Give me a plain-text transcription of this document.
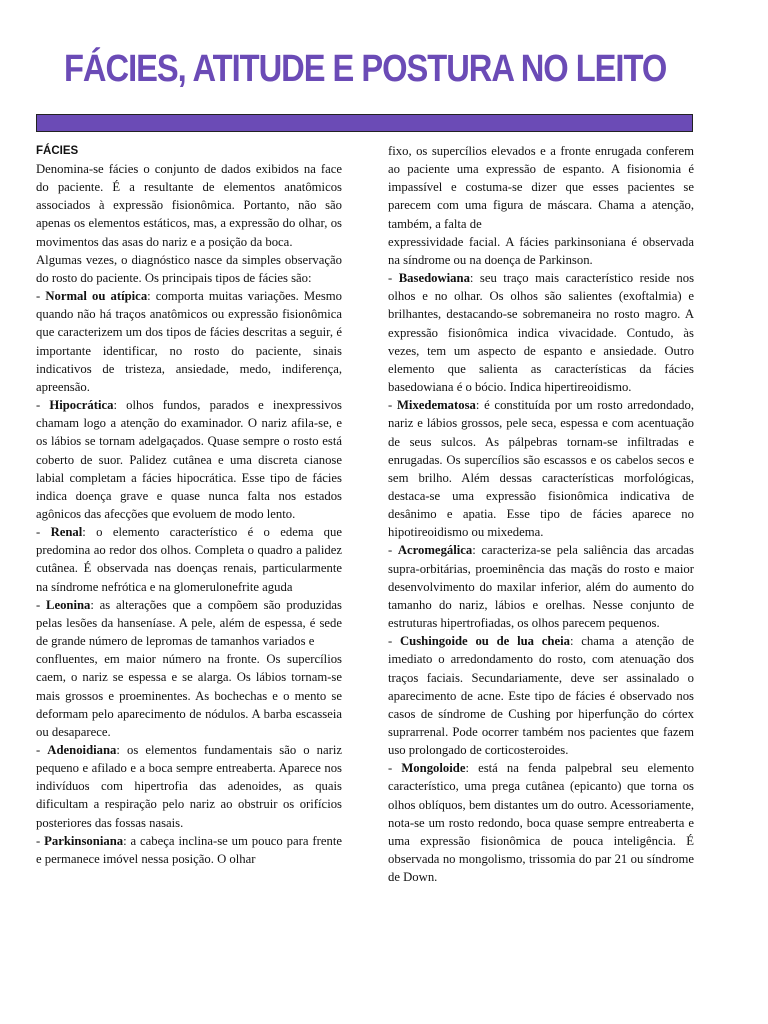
FÁCIES, ATITUDE E POSTURA NO LEITO

FÁCIES

Denomina-se fácies o conjunto de dados exibidos na face do paciente. É a resultante de elementos anatômicos associados à expressão fisionômica. Portanto, não são apenas os elementos estáticos, mas, a expressão do olhar, os movimentos das asas do nariz e a posição da boca.

Algumas vezes, o diagnóstico nasce da simples observação do rosto do paciente. Os principais tipos de fácies são:

- Normal ou atípica: comporta muitas variações. Mesmo quando não há traços anatômicos ou expressão fisionômica que caracterizem um dos tipos de fácies descritas a seguir, é importante identificar, no rosto do paciente, sinais indicativos de tristeza, ansiedade, medo, indiferença, apreensão.

- Hipocrática: olhos fundos, parados e inexpressivos chamam logo a atenção do examinador. O nariz afila-se, e os lábios se tornam adelgaçados. Quase sempre o rosto está coberto de suor. Palidez cutânea e uma discreta cianose labial completam a fácies hipocrática. Esse tipo de fácies indica doença grave e quase nunca falta nos estados agônicos das afecções que evoluem de modo lento.

- Renal: o elemento característico é o edema que predomina ao redor dos olhos. Completa o quadro a palidez cutânea. É observada nas doenças renais, particularmente na síndrome nefrótica e na glomerulonefrite aguda

- Leonina: as alterações que a compõem são produzidas pelas lesões da hanseníase. A pele, além de espessa, é sede de grande número de lepromas de tamanhos variados e

confluentes, em maior número na fronte. Os supercílios caem, o nariz se espessa e se alarga. Os lábios tornam-se mais grossos e proeminentes. As bochechas e o mento se deformam pelo aparecimento de nódulos. A barba escasseia ou desaparece.

- Adenoidiana: os elementos fundamentais são o nariz pequeno e afilado e a boca sempre entreaberta. Aparece nos indivíduos com hipertrofia das adenoides, as quais dificultam a respiração pelo nariz ao obstruir os orifícios posteriores das fossas nasais.

- Parkinsoniana: a cabeça inclina-se um pouco para frente e permanece imóvel nessa posição. O olhar

fixo, os supercílios elevados e a fronte enrugada conferem ao paciente uma expressão de espanto. A fisionomia é impassível e costuma-se dizer que esses pacientes se parecem com uma figura de máscara. Chama a atenção, também, a falta de

expressividade facial. A fácies parkinsoniana é observada na síndrome ou na doença de Parkinson.

- Basedowiana: seu traço mais característico reside nos olhos e no olhar. Os olhos são salientes (exoftalmia) e brilhantes, destacando-se sobremaneira no rosto magro. A expressão fisionômica indica vivacidade. Contudo, às vezes, tem um aspecto de espanto e ansiedade. Outro elemento que salienta as características da fácies basedowiana é o bócio. Indica hipertireoidismo.

- Mixedematosa: é constituída por um rosto arredondado, nariz e lábios grossos, pele seca, espessa e com acentuação de seus sulcos. As pálpebras tornam-se infiltradas e enrugadas. Os supercílios são escassos e os cabelos secos e sem brilho. Além dessas características morfológicas, destaca-se uma expressão fisionômica indicativa de desânimo e apatia. Esse tipo de fácies aparece no hipotireoidismo ou mixedema.

- Acromegálica: caracteriza-se pela saliência das arcadas supra-orbitárias, proeminência das maçãs do rosto e maior desenvolvimento do maxilar inferior, além do aumento do tamanho do nariz, lábios e orelhas. Nesse conjunto de estruturas hipertrofiadas, os olhos parecem pequenos.

- Cushingoide ou de lua cheia: chama a atenção de imediato o arredondamento do rosto, com atenuação dos traços faciais. Secundariamente, deve ser assinalado o aparecimento de acne. Este tipo de fácies é observado nos casos de síndrome de Cushing por hiperfunção do córtex suprarrenal. Pode ocorrer também nos pacientes que fazem uso prolongado de corticosteroides.

- Mongoloide: está na fenda palpebral seu elemento característico, uma prega cutânea (epicanto) que torna os olhos oblíquos, bem distantes um do outro. Acessoriamente, nota-se um rosto redondo, boca quase sempre entreaberta e uma expressão fisionômica de pouca inteligência. É observada no mongolismo, trissomia do par 21 ou síndrome de Down.
